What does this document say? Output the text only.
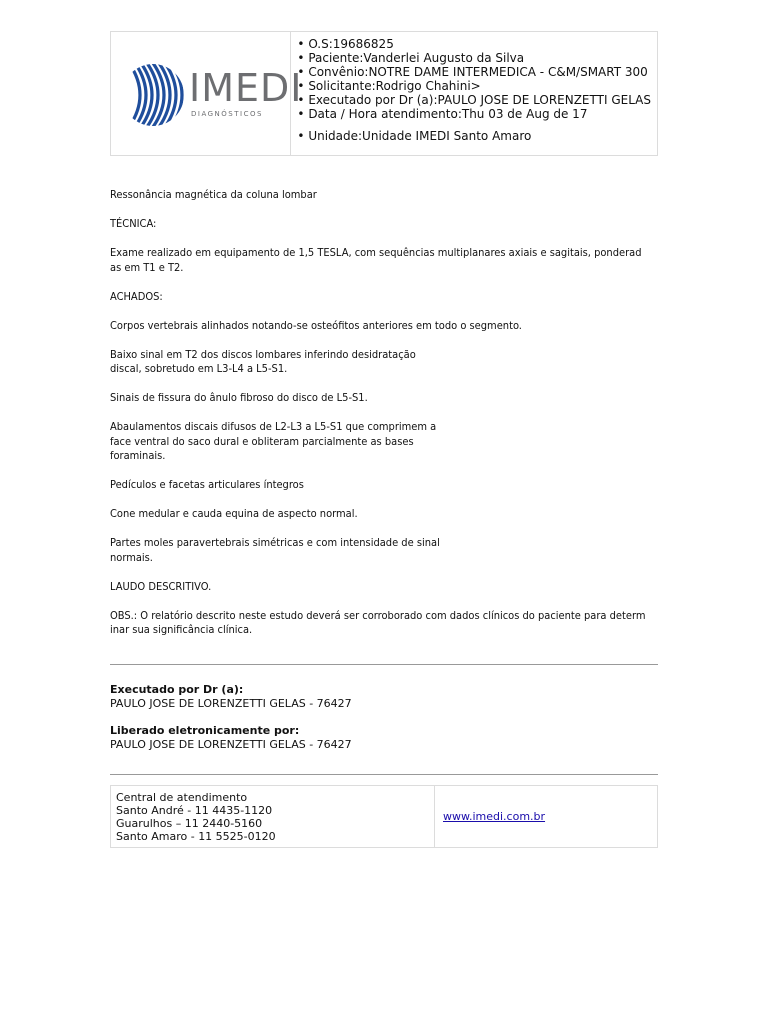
IMEDI
DIAGNÓSTICOS
• O.S:19686825
• Paciente:Vanderlei Augusto da Silva
• Convênio:NOTRE DAME INTERMEDICA - C&M/SMART 300
• Solicitante:Rodrigo Chahini>
• Executado por Dr (a):PAULO JOSE DE LORENZETTI GELAS
• Data / Hora atendimento:Thu 03 de Aug de 17
• Unidade:Unidade IMEDI Santo Amaro

Ressonância magnética da coluna lombar

TÉCNICA:

Exame realizado em equipamento de 1,5 TESLA, com sequências multiplanares axiais e sagitais, ponderad
as em T1 e T2.

ACHADOS:

Corpos vertebrais alinhados notando-se osteófitos anteriores em todo o segmento.

Baixo sinal em T2 dos discos lombares inferindo desidratação
discal, sobretudo em L3-L4 a L5-S1.

Sinais de fissura do ânulo fibroso do disco de L5-S1.

Abaulamentos discais difusos de L2-L3 a L5-S1 que comprimem a
face ventral do saco dural e obliteram parcialmente as bases
foraminais.

Pedículos e facetas articulares íntegros

Cone medular e cauda equina de aspecto normal.

Partes moles paravertebrais simétricas e com intensidade de sinal
normais.

LAUDO DESCRITIVO.

OBS.: O relatório descrito neste estudo deverá ser corroborado com dados clínicos do paciente para determ
inar sua significância clínica.

Executado por Dr (a):
PAULO JOSE DE LORENZETTI GELAS - 76427
Liberado eletronicamente por:
PAULO JOSE DE LORENZETTI GELAS - 76427
Central de atendimento
Santo André - 11 4435-1120
Guarulhos – 11 2440-5160
Santo Amaro - 11 5525-0120
www.imedi.com.br
